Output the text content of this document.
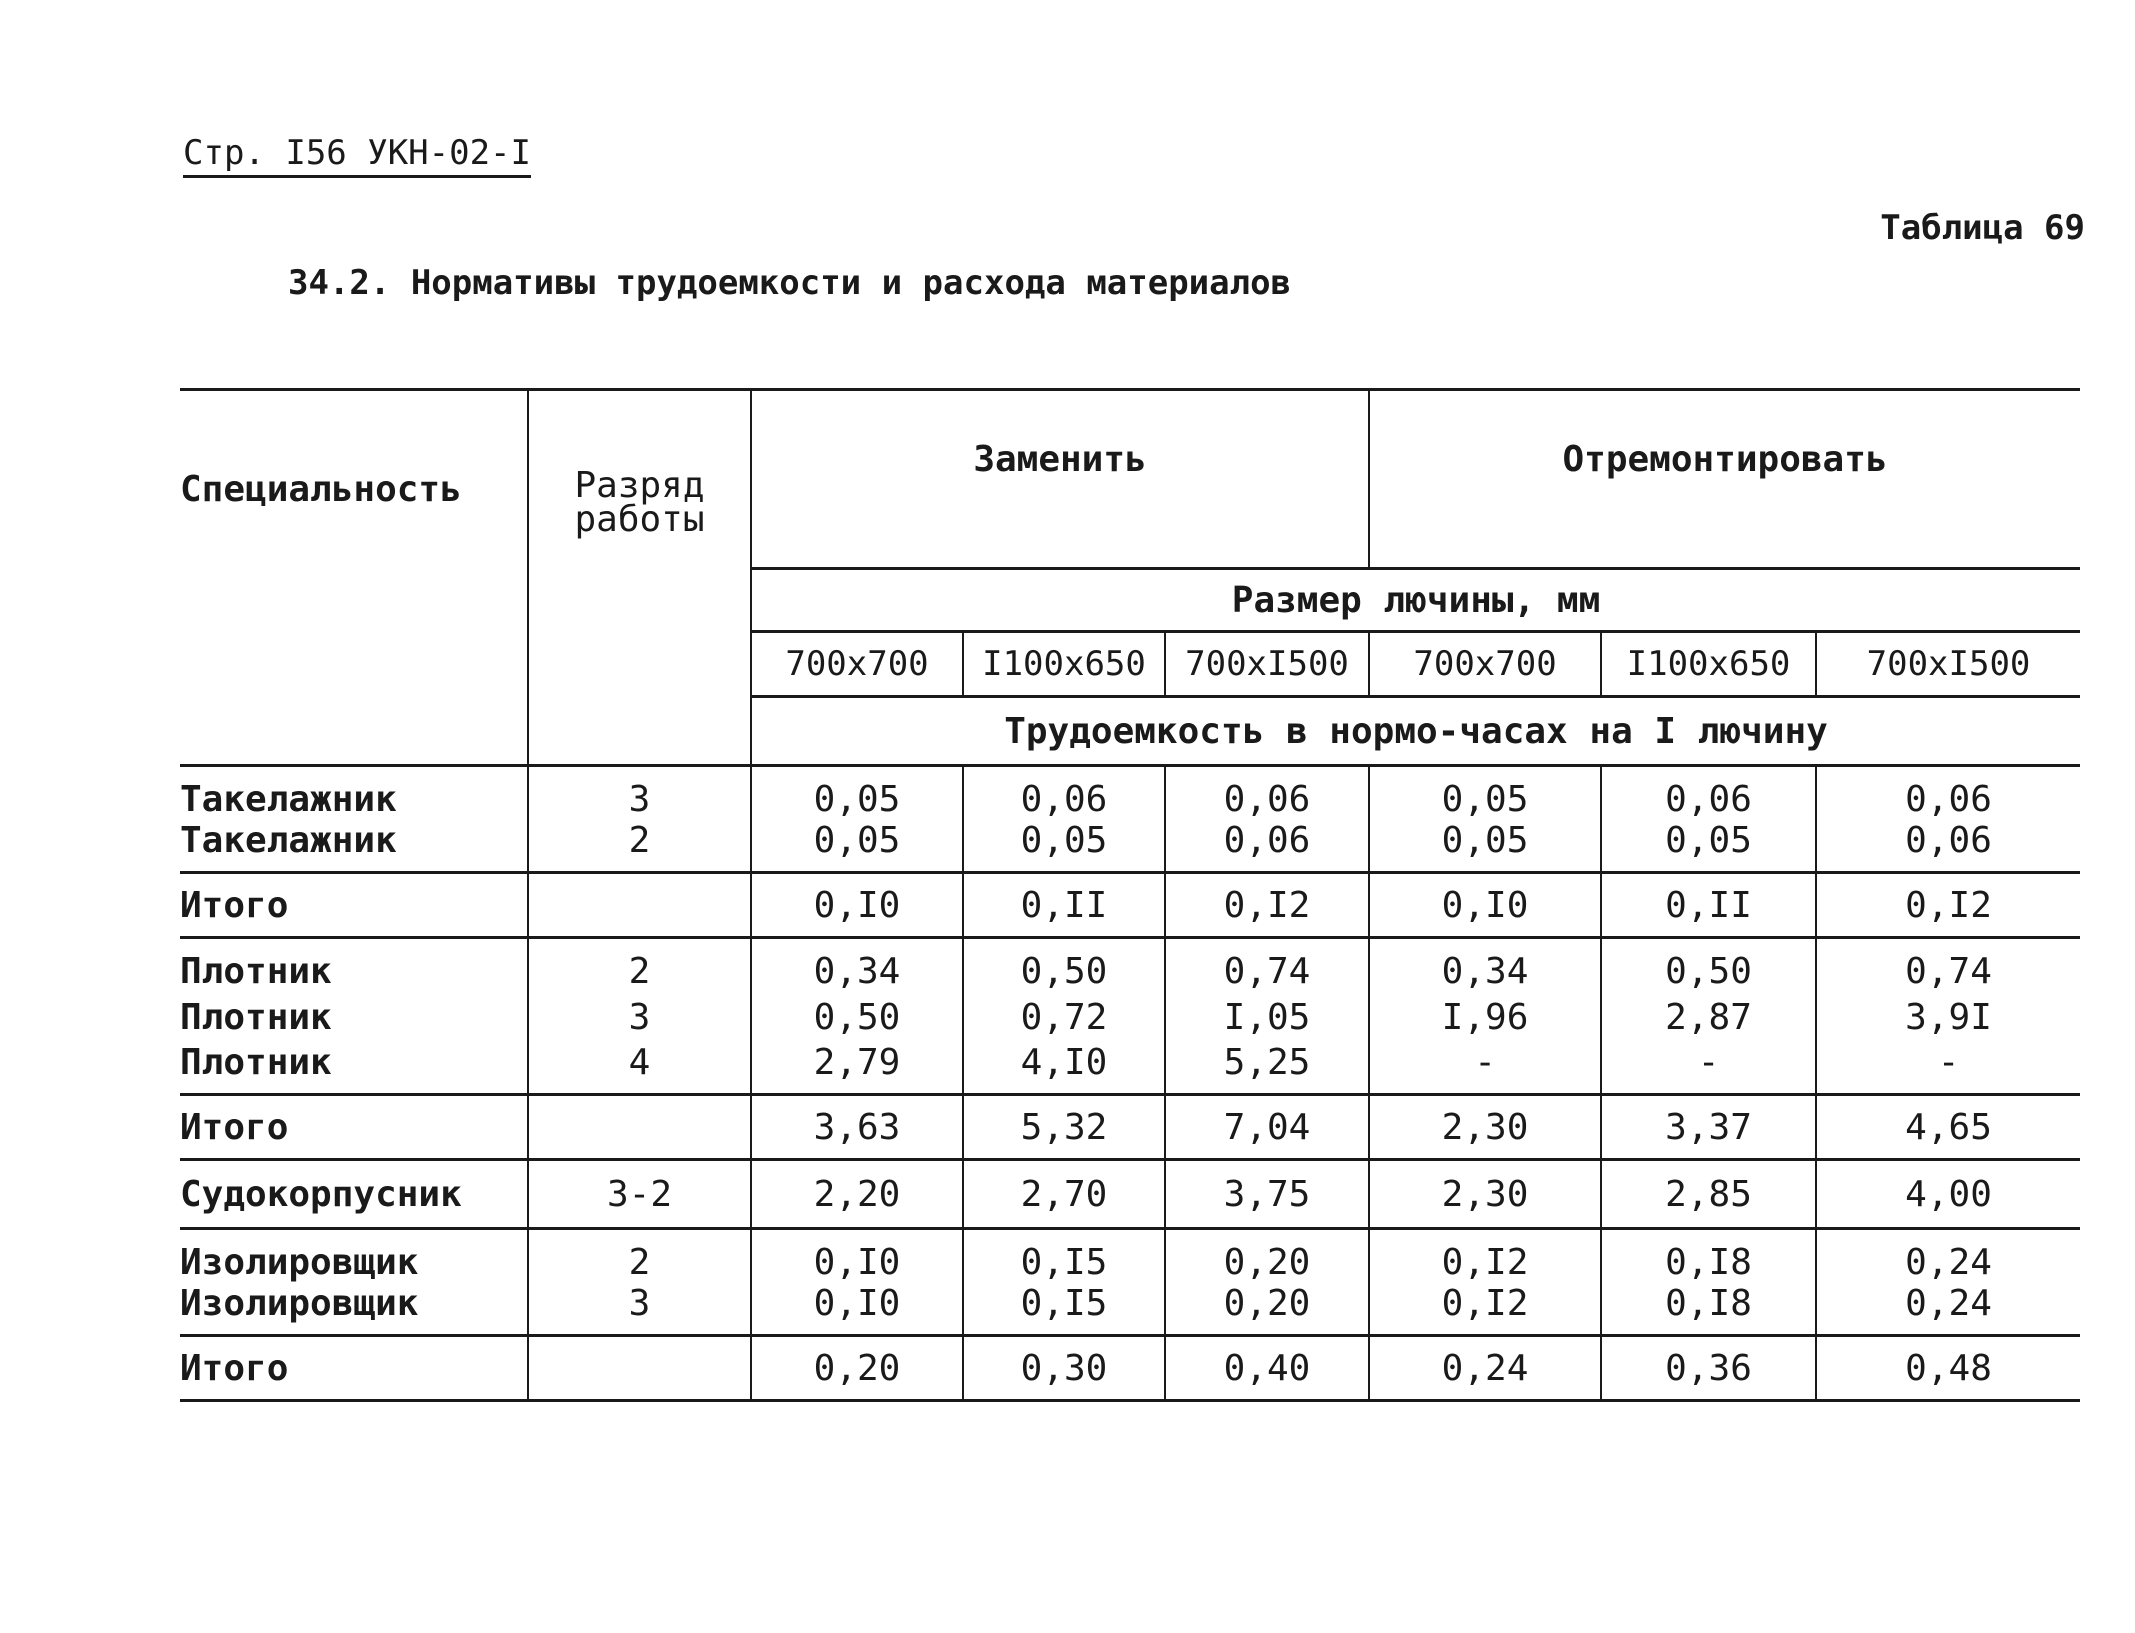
Стр. I56 УКН-02-I
Таблица 69
34.2. Нормативы трудоемкости и расхода материалов
Специальность	Разряд работы	Заменить			Отремонтировать		
		Размер лючины, мм					
		700x700	I100x650	700xI500	700x700	I100x650	700xI500
		Трудоемкость в нормо-часах на I лючину					
Такелажник	3	0,05	0,06	0,06	0,05	0,06	0,06
Такелажник	2	0,05	0,05	0,06	0,05	0,05	0,06
Итого		0,I0	0,II	0,I2	0,I0	0,II	0,I2
Плотник	2	0,34	0,50	0,74	0,34	0,50	0,74
Плотник	3	0,50	0,72	I,05	I,96	2,87	3,9I
Плотник	4	2,79	4,I0	5,25	-	-	-
Итого		3,63	5,32	7,04	2,30	3,37	4,65
Судокорпусник	3-2	2,20	2,70	3,75	2,30	2,85	4,00
Изолировщик	2	0,I0	0,I5	0,20	0,I2	0,I8	0,24
Изолировщик	3	0,I0	0,I5	0,20	0,I2	0,I8	0,24
Итого		0,20	0,30	0,40	0,24	0,36	0,48
